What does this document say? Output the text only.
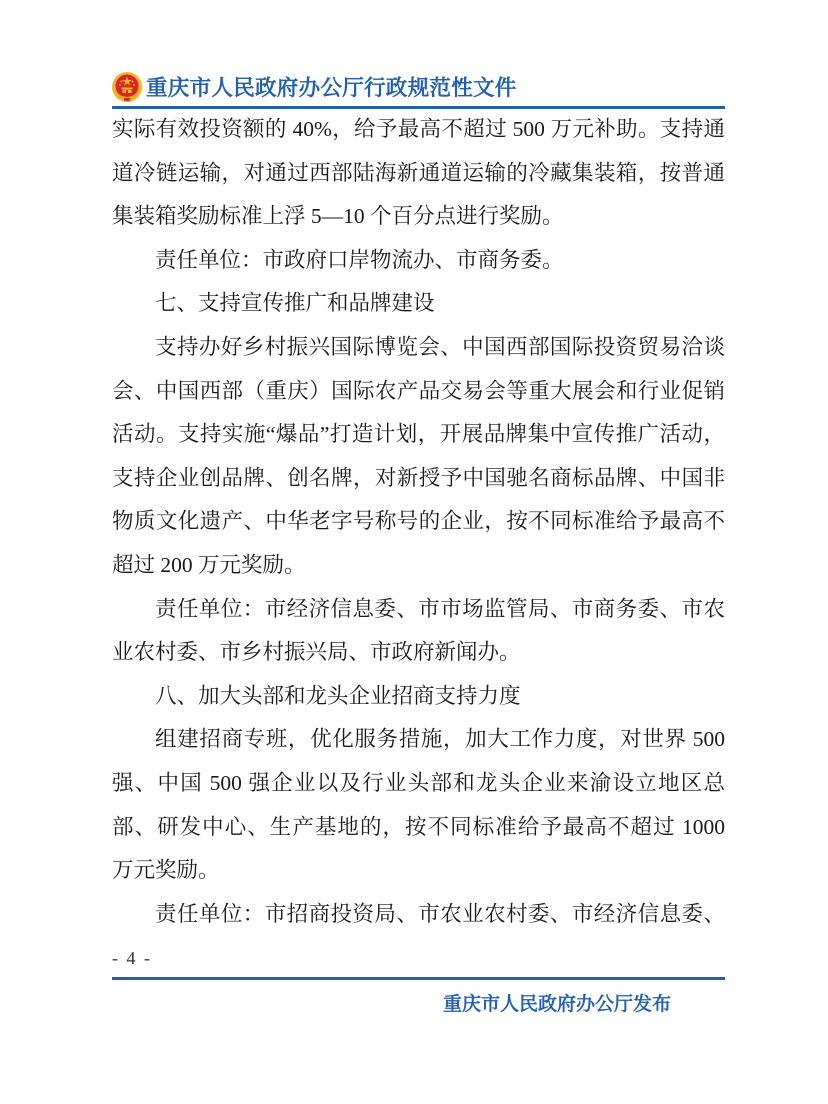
重庆市人民政府办公厅行政规范性文件
实际有效投资额的 40%，给予最高不超过 500 万元补助。支持通
道冷链运输，对通过西部陆海新通道运输的冷藏集装箱，按普通
集装箱奖励标准上浮 5—10 个百分点进行奖励。
责任单位：市政府口岸物流办、市商务委。
七、支持宣传推广和品牌建设
支持办好乡村振兴国际博览会、中国西部国际投资贸易洽谈
会、中国西部（重庆）国际农产品交易会等重大展会和行业促销
活动。支持实施“爆品”打造计划，开展品牌集中宣传推广活动，
支持企业创品牌、创名牌，对新授予中国驰名商标品牌、中国非
物质文化遗产、中华老字号称号的企业，按不同标准给予最高不
超过 200 万元奖励。
责任单位：市经济信息委、市市场监管局、市商务委、市农
业农村委、市乡村振兴局、市政府新闻办。
八、加大头部和龙头企业招商支持力度
组建招商专班，优化服务措施，加大工作力度，对世界 500
强、中国 500 强企业以及行业头部和龙头企业来渝设立地区总
部、研发中心、生产基地的，按不同标准给予最高不超过 1000
万元奖励。
责任单位：市招商投资局、市农业农村委、市经济信息委、
- 4 -
重庆市人民政府办公厅发布
